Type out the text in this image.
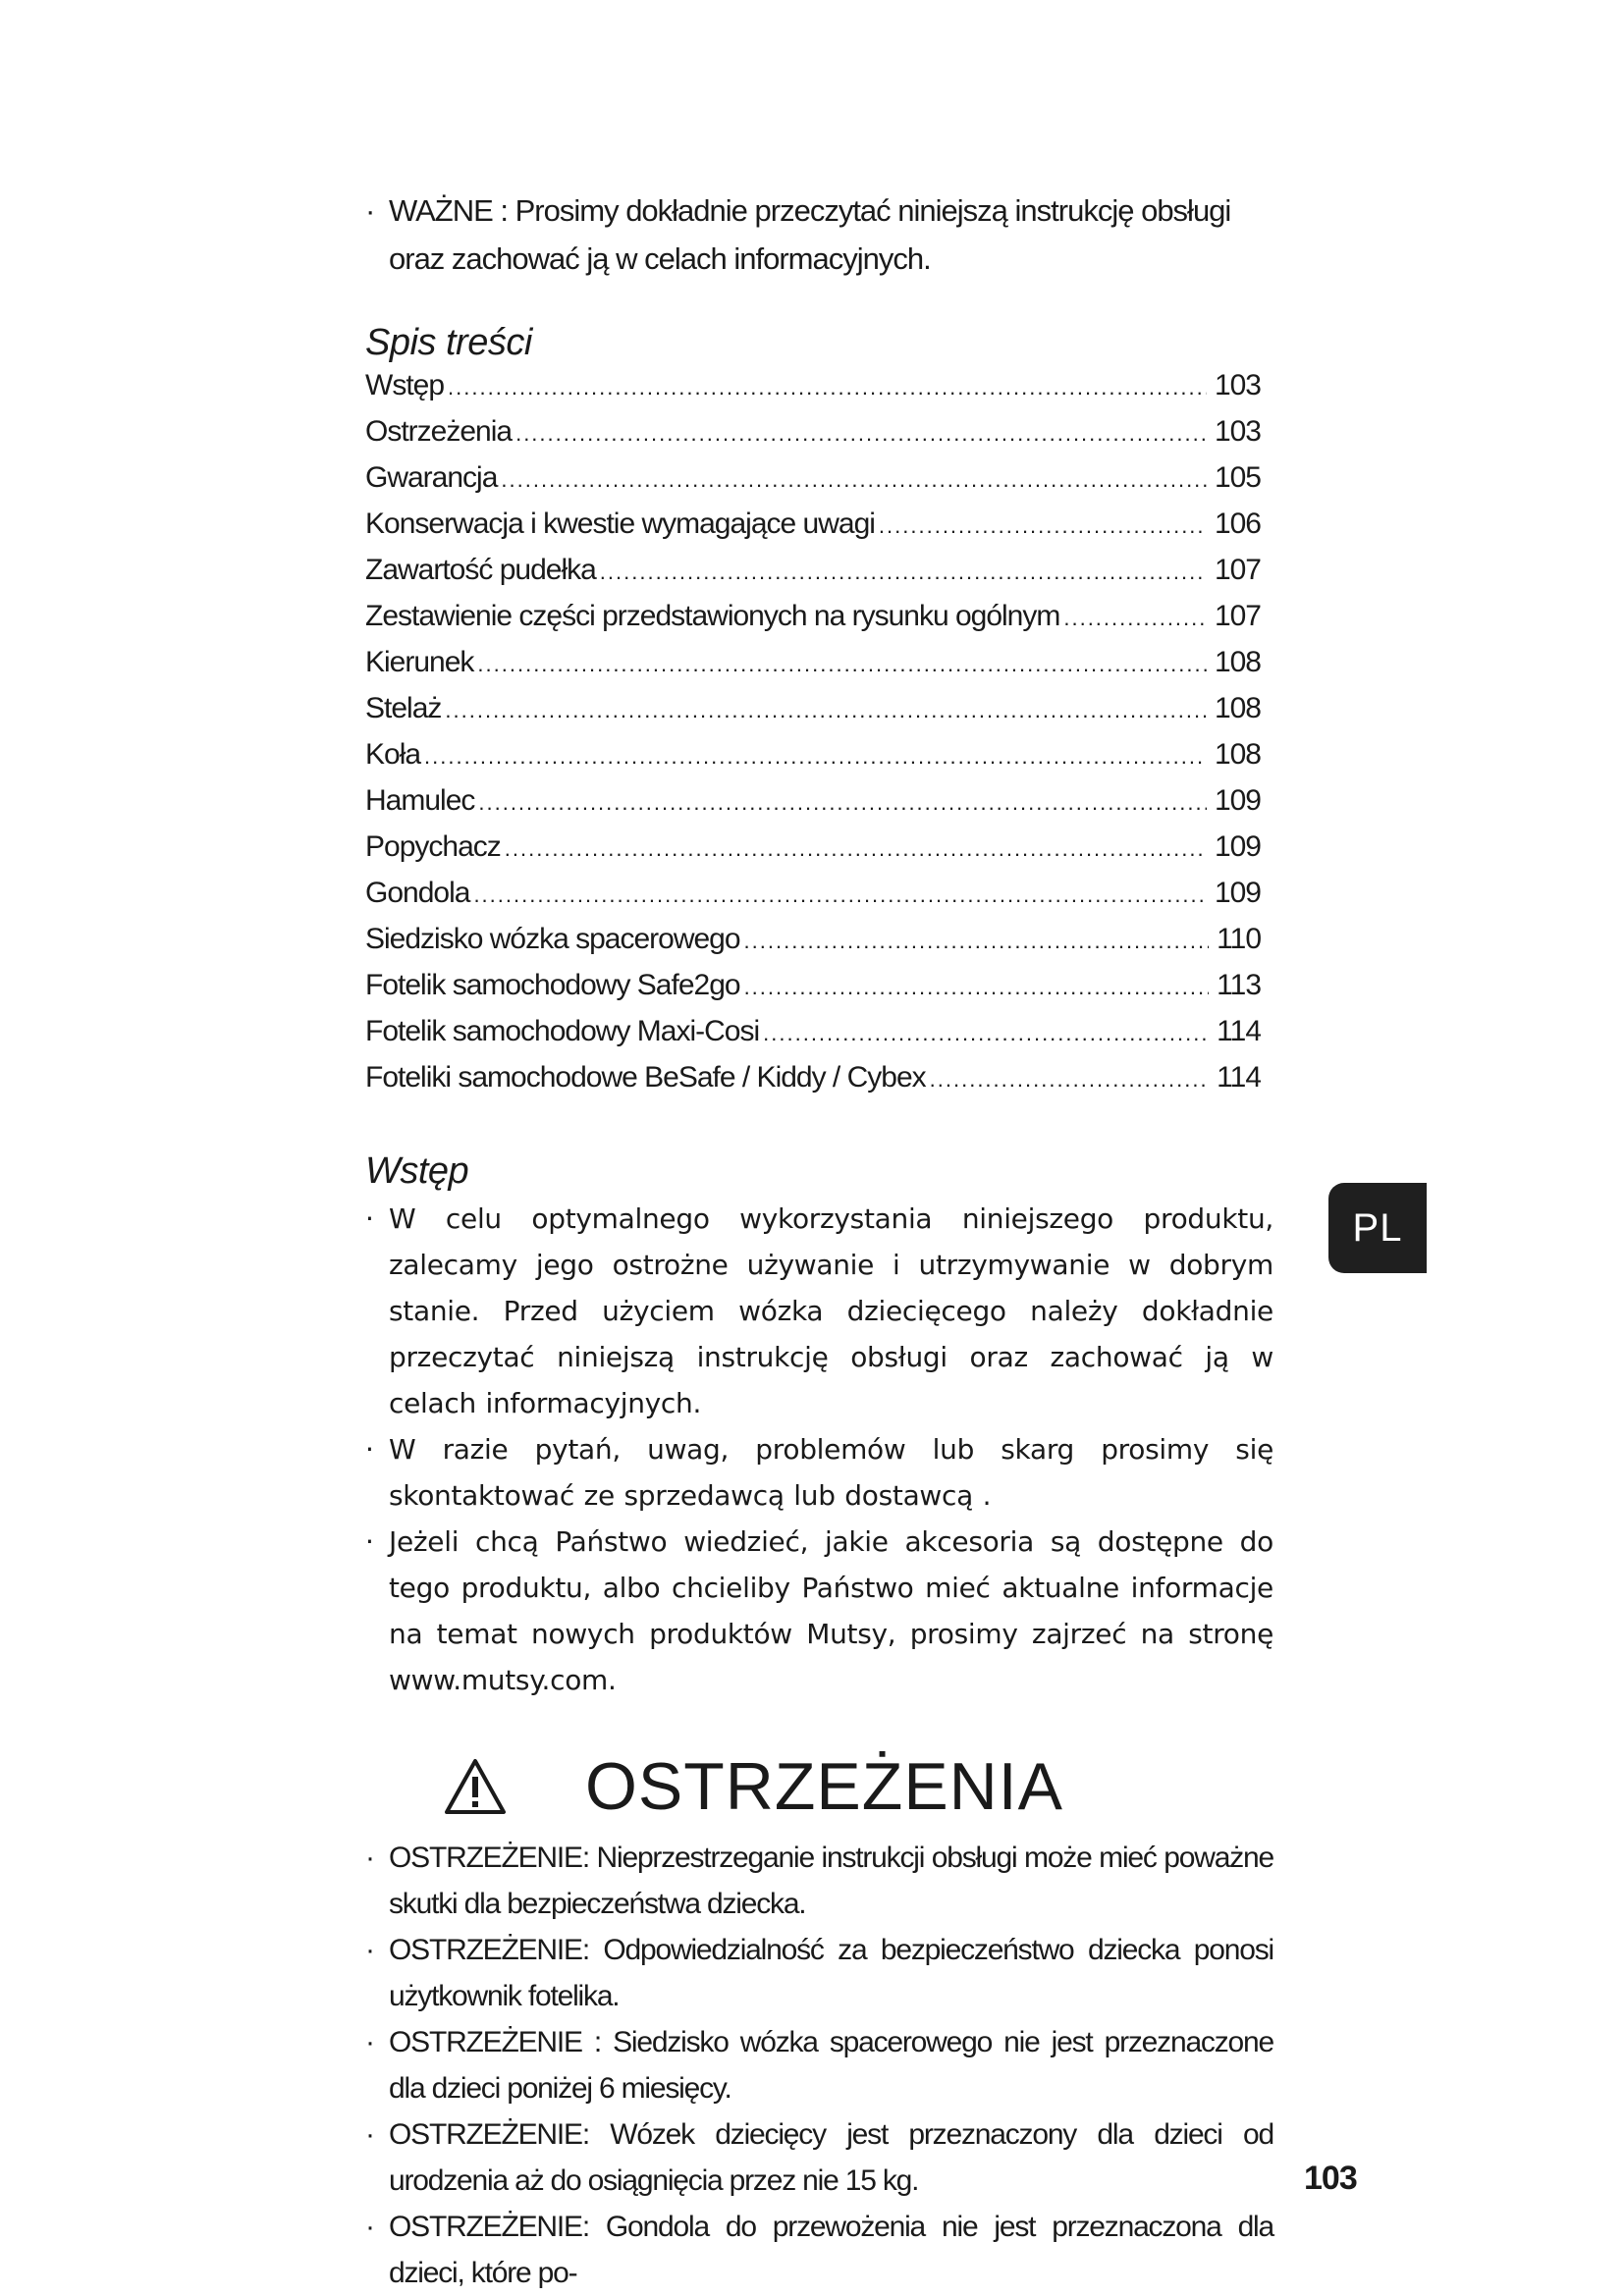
· WAŻNE : Prosimy dokładnie przeczytać niniejszą instrukcję obsługi oraz zachować ją w celach informacyjnych.
Spis treści
Wstęp .....	103
Ostrzeżenia .....	103
Gwarancja .....	105
Konserwacja i kwestie wymagające uwagi .....	106
Zawartość pudełka .....	107
Zestawienie części przedstawionych na rysunku ogólnym .....	107
Kierunek .....	108
Stelaż .....	108
Koła .....	108
Hamulec .....	109
Popychacz .....	109
Gondola .....	109
Siedzisko wózka spacerowego .....	110
Fotelik samochodowy Safe2go .....	113
Fotelik samochodowy Maxi-Cosi .....	114
Foteliki samochodowe BeSafe / Kiddy / Cybex .....	114
Wstęp
· W celu optymalnego wykorzystania niniejszego produktu, zalecamy jego ostrożne używanie i utrzymywanie w dobrym stanie. Przed użyciem wózka dziecięcego należy dokładnie przeczytać niniejszą instrukcję obsługi oraz zachować ją w celach informacyjnych.
· W razie pytań, uwag, problemów lub skarg prosimy się skontaktować ze sprzedawcą lub dostawcą .
· Jeżeli chcą Państwo wiedzieć, jakie akcesoria są dostępne do tego produktu, albo chcieliby Państwo mieć aktualne informacje na temat nowych produktów Mutsy, prosimy zajrzeć na stronę www.mutsy.com.
OSTRZEŻENIA
· OSTRZEŻENIE: Nieprzestrzeganie instrukcji obsługi może mieć poważne skutki dla bezpieczeństwa dziecka.
· OSTRZEŻENIE: Odpowiedzialność za bezpieczeństwo dziecka ponosi użytkownik fotelika.
· OSTRZEŻENIE : Siedzisko wózka spacerowego nie jest przeznaczone dla dzieci poniżej 6 miesięcy.
· OSTRZEŻENIE: Wózek dziecięcy jest przeznaczony dla dzieci od urodzenia aż do osiągnięcia przez nie 15 kg.
· OSTRZEŻENIE: Gondola do przewożenia nie jest przeznaczona dla dzieci, które po-
PL
103
